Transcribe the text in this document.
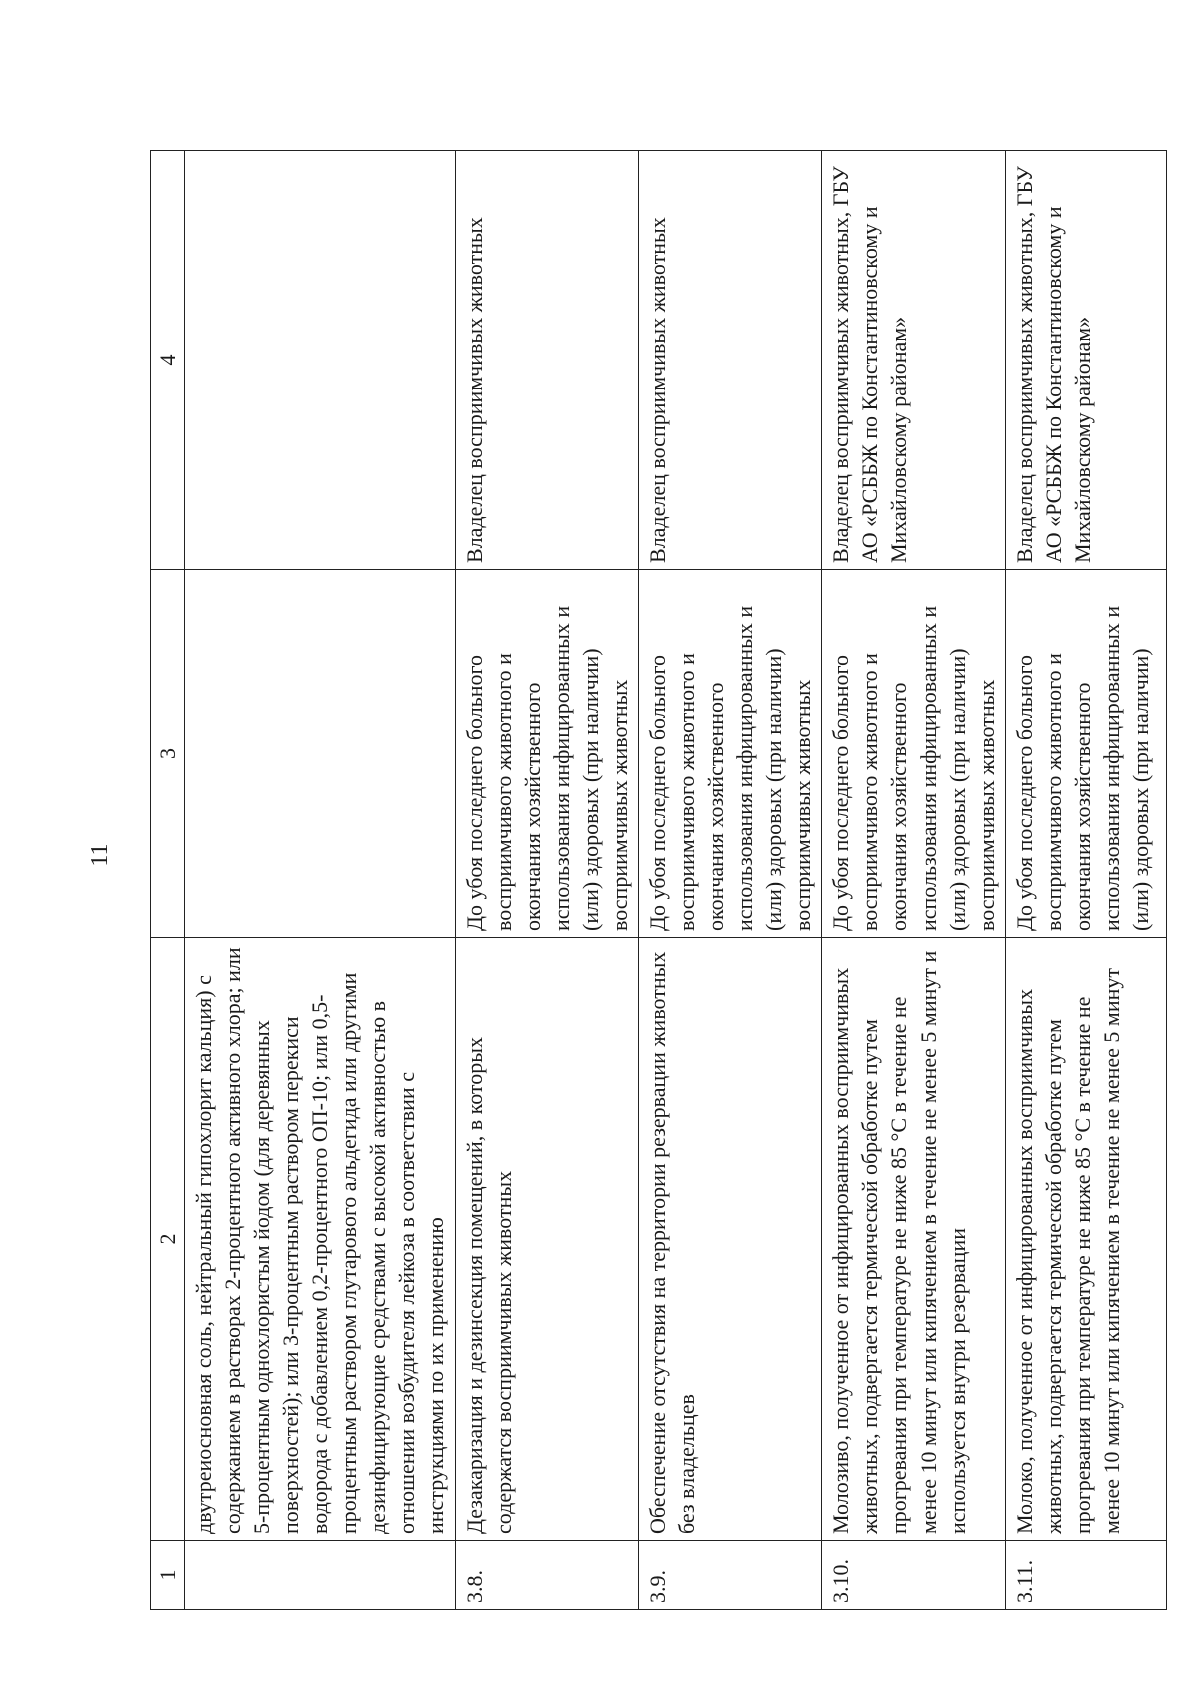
11
1	2	3	4
	двутреиосновная соль, нейтральный гипохлорит кальция) с содержанием в растворах 2-процентного активного хлора; или 5-процентным однохлористым йодом (для деревянных поверхностей); или 3-процентным раствором перекиси водорода с добавлением 0,2-процентного ОП-10; или 0,5-процентным раствором глутарового альдегида или другими дезинфицирующие средствами с высокой активностью в отношении возбудителя лейкоза в соответствии с инструкциями по их применению		
3.8.	Дезакаризация и дезинсекция помещений, в которых содержатся восприимчивых животных	До убоя последнего больного восприимчивого животного и окончания хозяйственного использования инфицированных и (или) здоровых (при наличии) восприимчивых животных	Владелец восприимчивых животных
3.9.	Обеспечение отсутствия на территории резервации животных без владельцев	До убоя последнего больного восприимчивого животного и окончания хозяйственного использования инфицированных и (или) здоровых (при наличии) восприимчивых животных	Владелец восприимчивых животных
3.10.	Молозиво, полученное от инфицированных восприимчивых животных, подвергается термической обработке путем прогревания при температуре не ниже 85 °С в течение не менее 10 минут или кипячением в течение не менее 5 минут и используется внутри резервации	До убоя последнего больного восприимчивого животного и окончания хозяйственного использования инфицированных и (или) здоровых (при наличии) восприимчивых животных	Владелец восприимчивых животных, ГБУ АО «РСББЖ по Константиновскому и Михайловскому районам»
3.11.	Молоко, полученное от инфицированных восприимчивых животных, подвергается термической обработке путем прогревания при температуре не ниже 85 °С в течение не менее 10 минут или кипячением в течение не менее 5 минут	До убоя последнего больного восприимчивого животного и окончания хозяйственного использования инфицированных и (или) здоровых (при наличии)	Владелец восприимчивых животных, ГБУ АО «РСББЖ по Константиновскому и Михайловскому районам»
